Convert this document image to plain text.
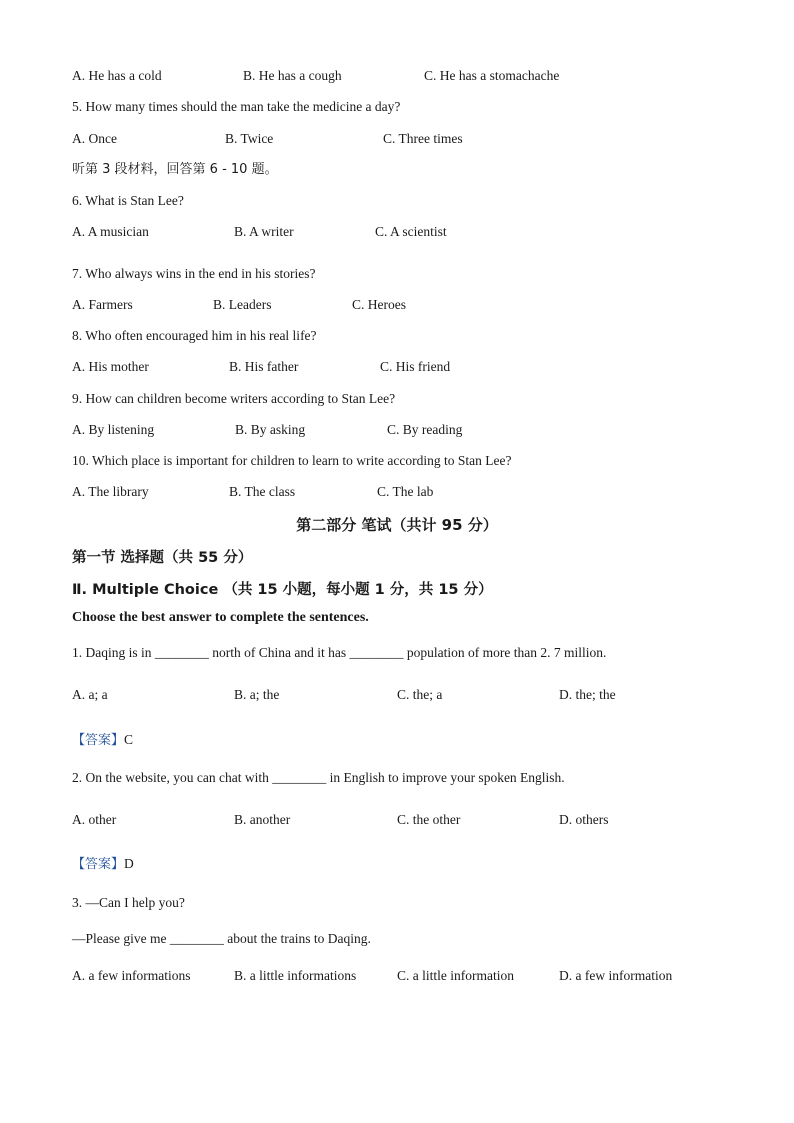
A. He has a cold	B. He has a cough	C. He has a stomachache
5. How many times should the man take the medicine a day?
A. Once	B. Twice	C. Three times
听第 3 段材料，回答第 6 - 10 题。
6. What is Stan Lee?
A. A musician	B. A writer	C. A scientist
7. Who always wins in the end in his stories?
A. Farmers	B. Leaders	C. Heroes
8. Who often encouraged him in his real life?
A. His mother	B. His father	C. His friend
9. How can children become writers according to Stan Lee?
A. By listening	B. By asking	C. By reading
10. Which place is important for children to learn to write according to Stan Lee?
A. The library	B. The class	C. The lab
第二部分 笔试（共计 95 分）
第一节 选择题（共 55 分）
Ⅱ. Multiple Choice （共 15 小题，每小题 1 分，共 15 分）
Choose the best answer to complete the sentences.
1. Daqing is in ________ north of China and it has ________ population of more than 2. 7 million.
A. a; a	B. a; the	C. the; a	D. the; the
【答案】C
2. On the website, you can chat with ________ in English to improve your spoken English.
A. other	B. another	C. the other	D. others
【答案】D
3. —Can I help you?
—Please give me ________ about the trains to Daqing.
A. a few informations	B. a little informations	C. a little information	D. a few information
